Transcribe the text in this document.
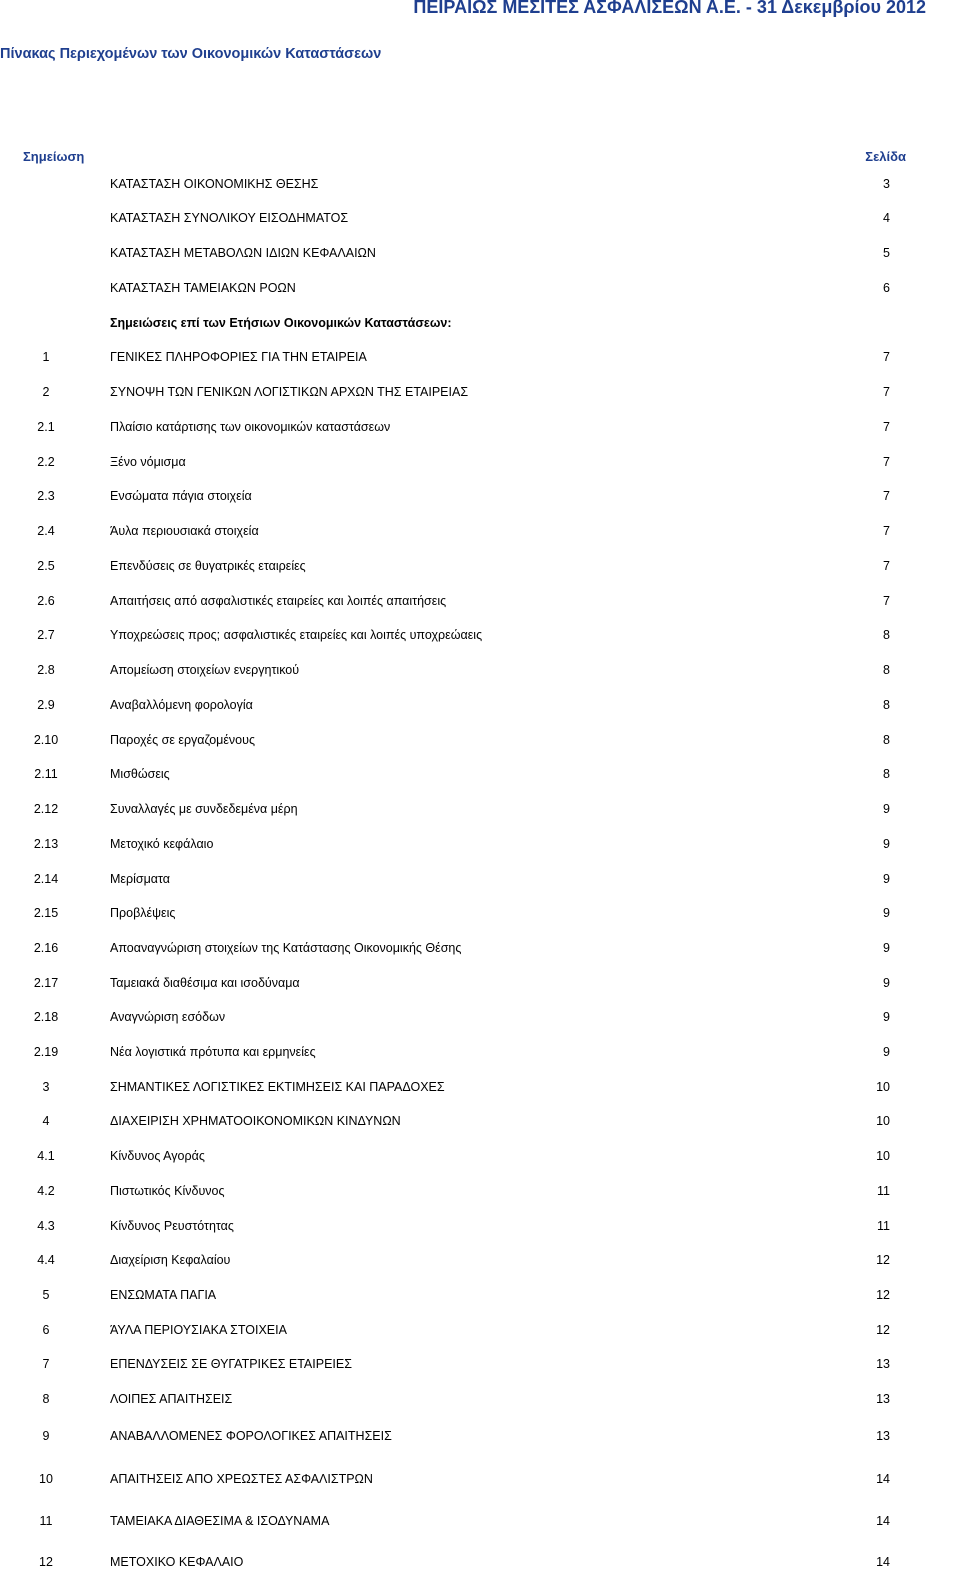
ΠΕΙΡΑΙΩΣ ΜΕΣΙΤΕΣ ΑΣΦΑΛΙΣΕΩΝ Α.Ε. - 31 Δεκεμβρίου 2012
Πίνακας Περιεχομένων των Οικονομικών Καταστάσεων
Σημείωση	Σελίδα
ΚΑΤΑΣΤΑΣΗ ΟΙΚΟΝΟΜΙΚΗΣ ΘΕΣΗΣ	3
ΚΑΤΑΣΤΑΣΗ ΣΥΝΟΛΙΚΟΥ ΕΙΣΟΔΗΜΑΤΟΣ	4
ΚΑΤΑΣΤΑΣΗ ΜΕΤΑΒΟΛΩΝ ΙΔΙΩΝ ΚΕΦΑΛΑΙΩΝ	5
ΚΑΤΑΣΤΑΣΗ ΤΑΜΕΙΑΚΩΝ ΡΟΩΝ	6
Σημειώσεις επί των Ετήσιων Οικονομικών Καταστάσεων:
1	ΓΕΝΙΚΕΣ ΠΛΗΡΟΦΟΡΙΕΣ ΓΙΑ ΤΗΝ ΕΤΑΙΡΕΙΑ	7
2	ΣΥΝΟΨΗ ΤΩΝ ΓΕΝΙΚΩΝ ΛΟΓΙΣΤΙΚΩΝ ΑΡΧΩΝ ΤΗΣ ΕΤΑΙΡΕΙΑΣ	7
2.1	Πλαίσιο κατάρτισης των οικονομικών καταστάσεων	7
2.2	Ξένο νόμισμα	7
2.3	Ενσώματα πάγια στοιχεία	7
2.4	Άυλα περιουσιακά στοιχεία	7
2.5	Επενδύσεις σε θυγατρικές εταιρείες	7
2.6	Απαιτήσεις από ασφαλιστικές εταιρείες και λοιπές απαιτήσεις	7
2.7	Υποχρεώσεις προς; ασφαλιστικές εταιρείες και λοιπές υποχρεώαεις	8
2.8	Απομείωση στοιχείων ενεργητικού	8
2.9	Αναβαλλόμενη φορολογία	8
2.10	Παροχές σε εργαζομένους	8
2.11	Μισθώσεις	8
2.12	Συναλλαγές με συνδεδεμένα μέρη	9
2.13	Μετοχικό κεφάλαιο	9
2.14	Μερίσματα	9
2.15	Προβλέψεις	9
2.16	Αποαναγνώριση στοιχείων της Κατάστασης Οικονομικής Θέσης	9
2.17	Ταμειακά διαθέσιμα και ισοδύναμα	9
2.18	Αναγνώριση εσόδων	9
2.19	Νέα λογιστικά πρότυπα και ερμηνείες	9
3	ΣΗΜΑΝΤΙΚΕΣ ΛΟΓΙΣΤΙΚΕΣ ΕΚΤΙΜΗΣΕΙΣ ΚΑΙ ΠΑΡΑΔΟΧΕΣ	10
4	ΔΙΑΧΕΙΡΙΣΗ ΧΡΗΜΑΤΟΟΙΚΟΝΟΜΙΚΩΝ ΚΙΝΔΥΝΩΝ	10
4.1	Κίνδυνος Αγοράς	10
4.2	Πιστωτικός Κίνδυνος	11
4.3	Κίνδυνος Ρευστότητας	11
4.4	Διαχείριση Κεφαλαίου	12
5	ΕΝΣΩΜΑΤΑ ΠΑΓΙΑ	12
6	ΆΥΛΑ ΠΕΡΙΟΥΣΙΑΚΑ ΣΤΟΙΧΕΙΑ	12
7	ΕΠΕΝΔΥΣΕΙΣ ΣΕ ΘΥΓΑΤΡΙΚΕΣ ΕΤΑΙΡΕΙΕΣ	13
8	ΛΟΙΠΕΣ ΑΠΑΙΤΗΣΕΙΣ	13
9	ΑΝΑΒΑΛΛΟΜΕΝΕΣ ΦΟΡΟΛΟΓΙΚΕΣ ΑΠΑΙΤΗΣΕΙΣ	13
10	ΑΠΑΙΤΗΣΕΙΣ ΑΠΟ ΧΡΕΩΣΤΕΣ ΑΣΦΑΛΙΣΤΡΩΝ	14
11	ΤΑΜΕΙΑΚΑ ΔΙΑΘΕΣΙΜΑ & ΙΣΟΔΥΝΑΜΑ	14
12	ΜΕΤΟΧΙΚΟ ΚΕΦΑΛΑΙΟ	14
